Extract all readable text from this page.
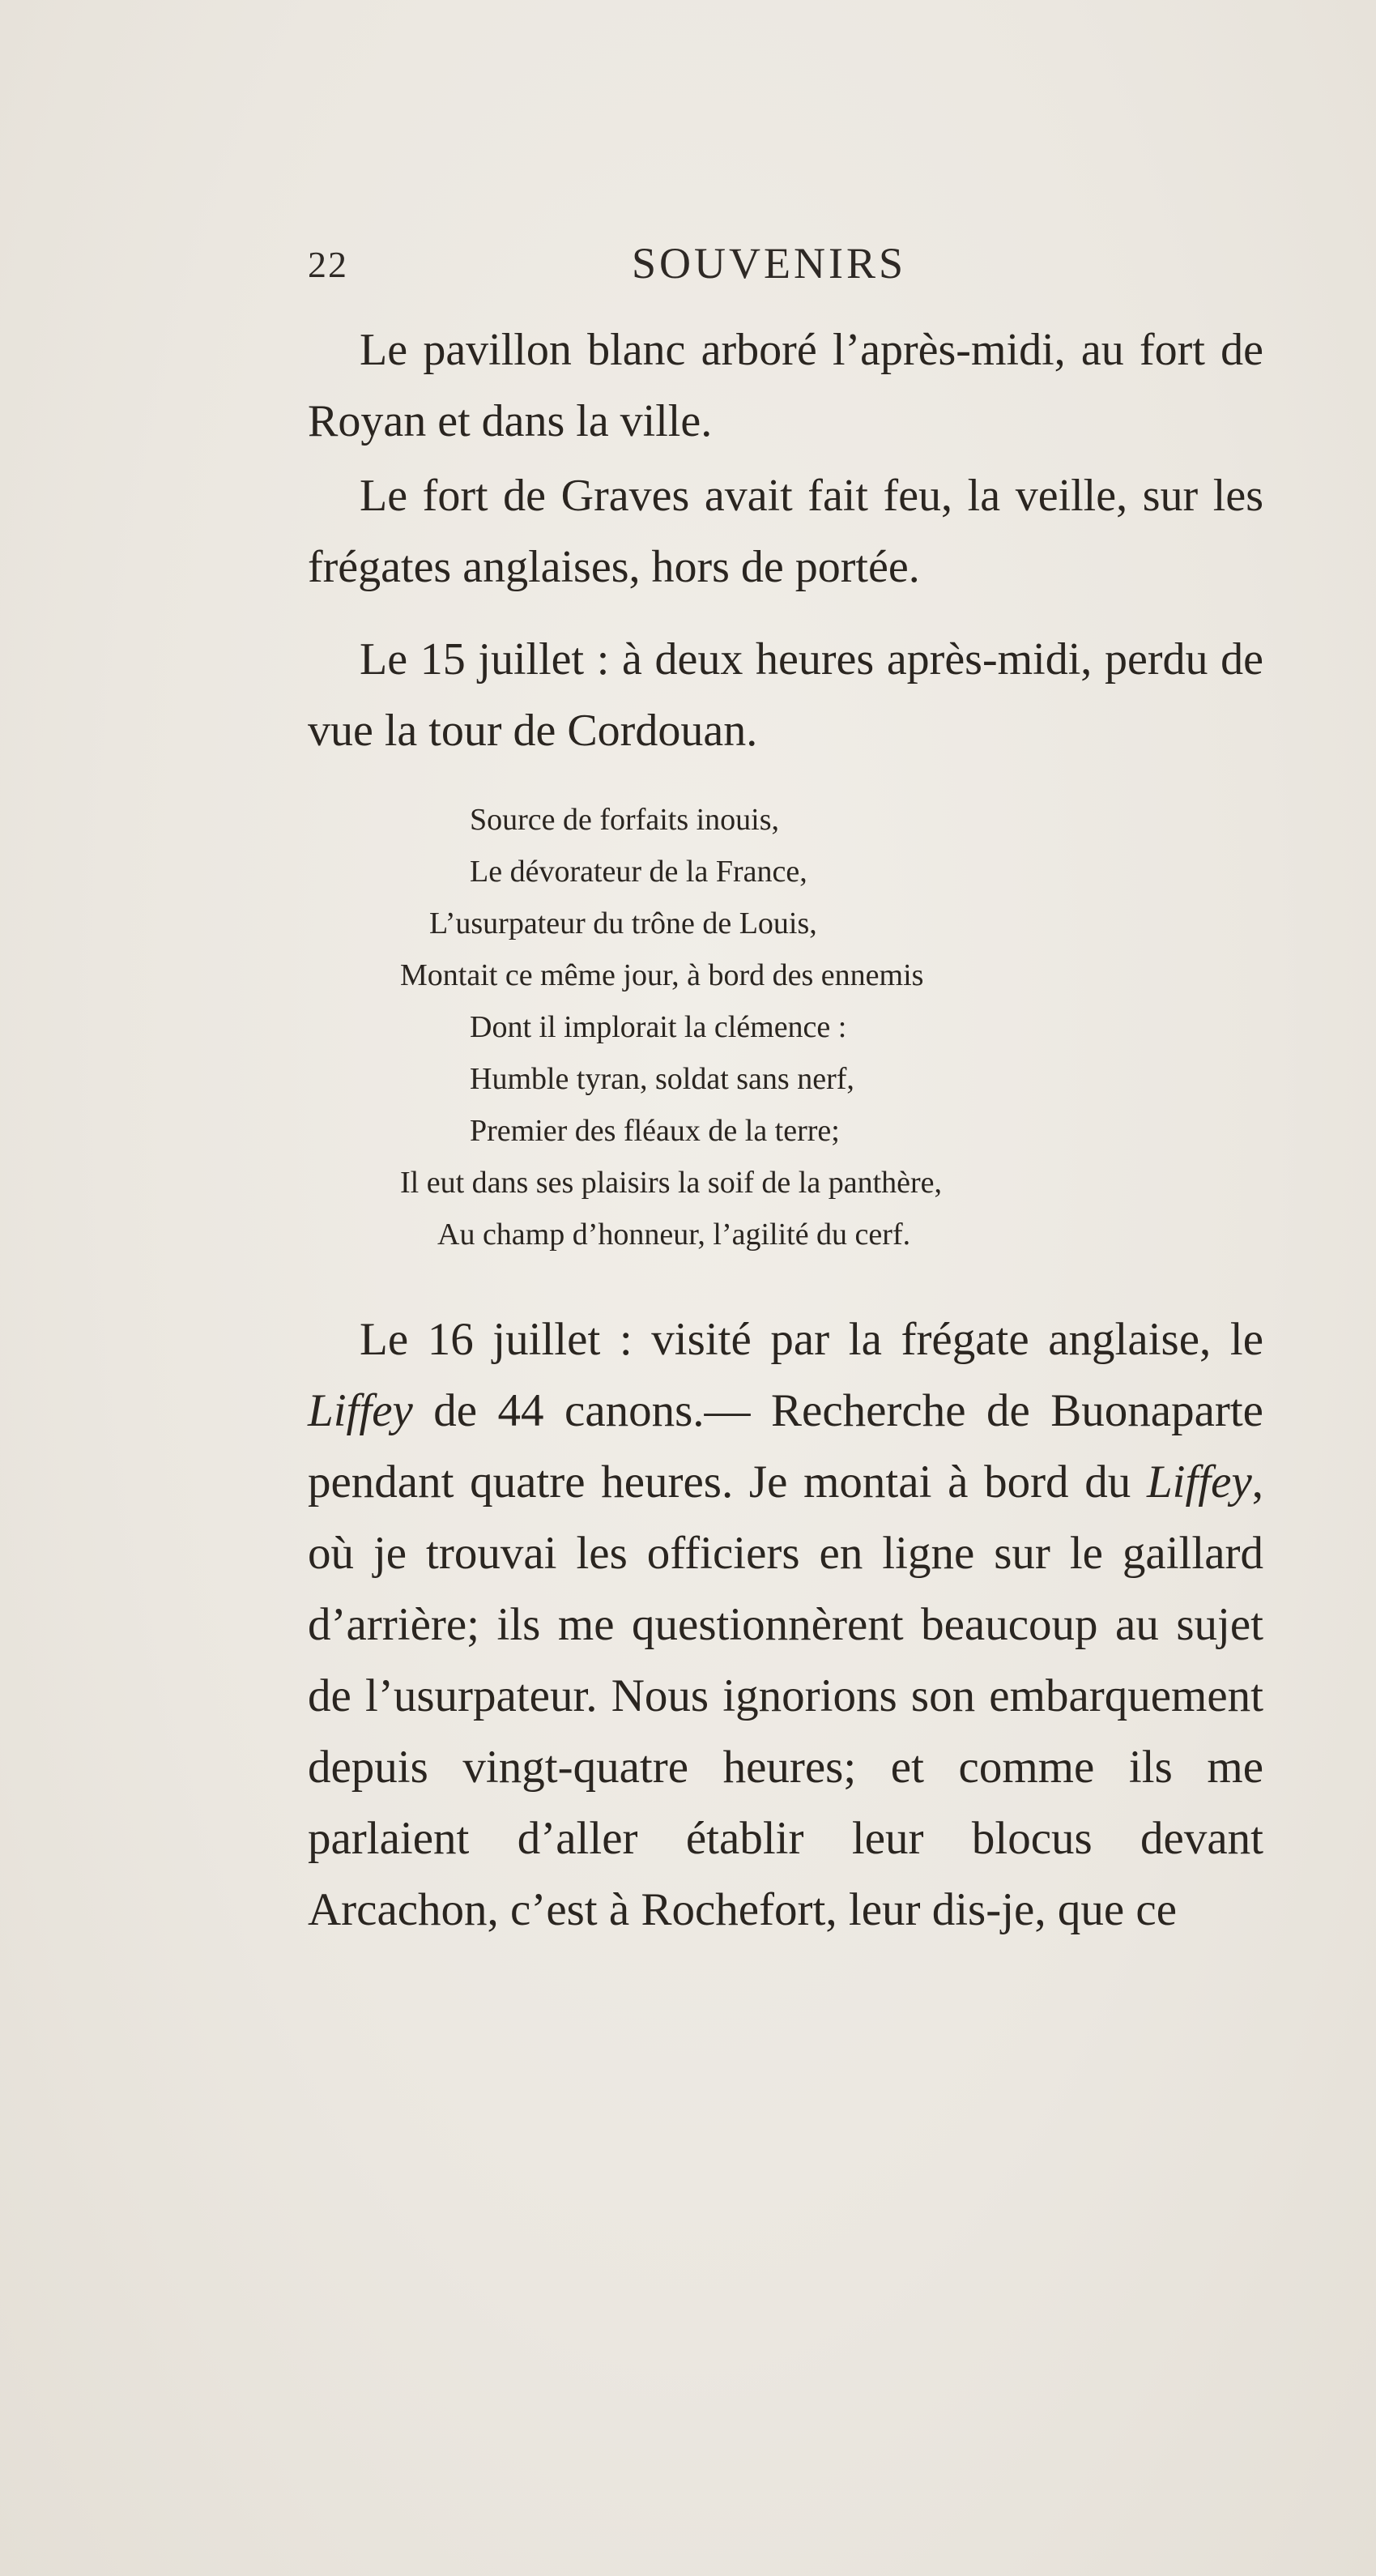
22	SOUVENIRS

Le pavillon blanc arboré l’après-midi, au fort de Royan et dans la ville.

Le fort de Graves avait fait feu, la veille, sur les frégates anglaises, hors de portée.

Le 15 juillet : à deux heures après-midi, perdu de vue la tour de Cordouan.

Source de forfaits inouis,
Le dévorateur de la France,
L’usurpateur du trône de Louis,
Montait ce même jour, à bord des ennemis
Dont il implorait la clémence :
Humble tyran, soldat sans nerf,
Premier des fléaux de la terre;
Il eut dans ses plaisirs la soif de la panthère,
Au champ d’honneur, l’agilité du cerf.

Le 16 juillet : visité par la frégate anglaise, le Liffey de 44 canons.— Recherche de Buonaparte pendant quatre heures. Je montai à bord du Liffey, où je trouvai les officiers en ligne sur le gaillard d’arrière; ils me questionnèrent beaucoup au sujet de l’usurpateur. Nous ignorions son embarquement depuis vingt-quatre heures; et comme ils me parlaient d’aller établir leur blocus devant Arcachon, c’est à Rochefort, leur dis-je, que ce
